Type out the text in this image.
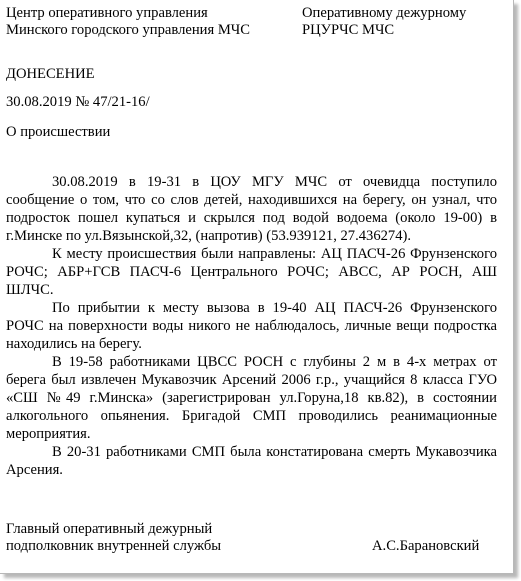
Центр оперативного управления
Минского городского управления МЧС
Оперативному дежурному
РЦУРЧС МЧС
ДОНЕСЕНИЕ
30.08.2019 № 47/21-16/
О происшествии

30.08.2019 в 19-31 в ЦОУ МГУ МЧС от очевидца поступило сообщение о том, что со слов детей, находившихся на берегу, он узнал, что подросток пошел купаться и скрылся под водой водоема (около 19-00) в г.Минске по ул.Вязынской,32, (напротив) (53.939121, 27.436274).

К месту происшествия были направлены: АЦ ПАСЧ-26 Фрунзенского РОЧС; АБР+ГСВ ПАСЧ-6 Центрального РОЧС; АВСС, АР РОСН, АШ ШЛЧС.

По прибытии к месту вызова в 19-40 АЦ ПАСЧ-26 Фрунзенского РОЧС на поверхности воды никого не наблюдалось, личные вещи подростка находились на берегу.

В 19-58 работниками ЦВСС РОСН с глубины 2 м в 4-х метрах от берега был извлечен Мукавозчик Арсений 2006 г.р., учащийся 8 класса ГУО «СШ №49 г.Минска» (зарегистрирован ул.Горуна,18 кв.82), в состоянии алкогольного опьянения. Бригадой СМП проводились реанимационные мероприятия.

В 20-31 работниками СМП была констатирована смерть Мукавозчика Арсения.

Главный оперативный дежурный
подполковник внутренней службы	А.С.Барановский
